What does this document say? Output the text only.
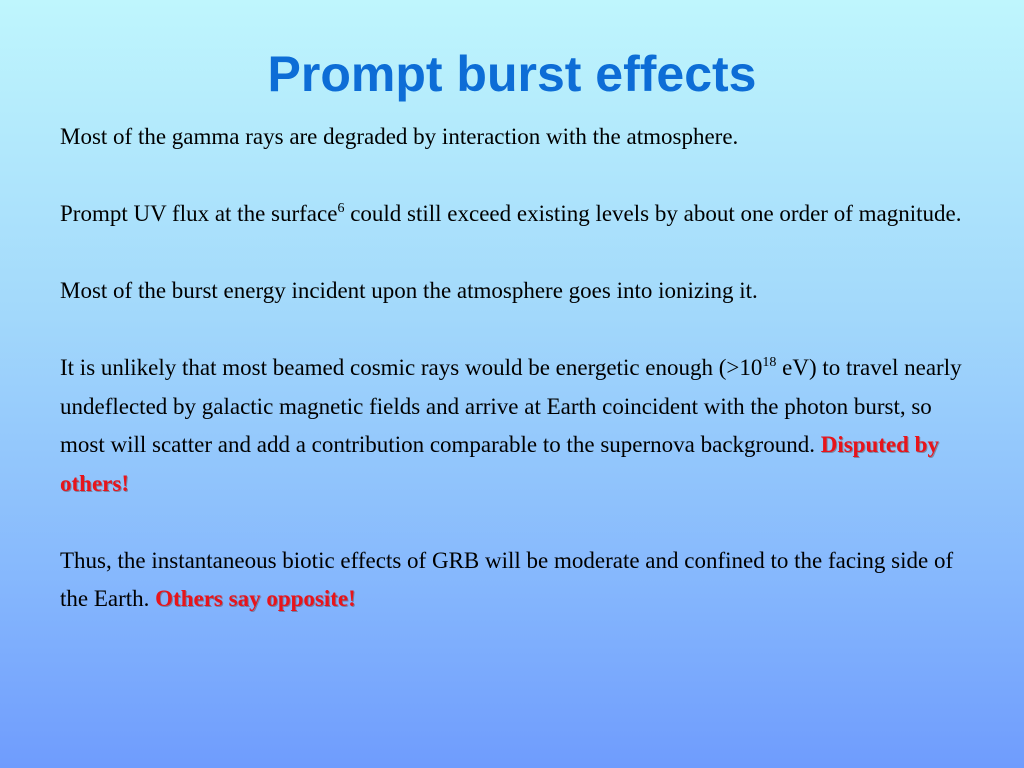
Prompt burst effects

Most of the gamma rays are degraded by interaction with the atmosphere.

Prompt UV flux at the surface$^6$ could still exceed existing levels by about one order of magnitude.

Most of the burst energy incident upon the atmosphere goes into ionizing it.

It is unlikely that most beamed cosmic rays would be energetic enough ($>10^{18}$ eV) to travel nearly undeflected by galactic magnetic fields and arrive at Earth coincident with the photon burst, so most will scatter and add a contribution comparable to the supernova background. Disputed by others!

Thus, the instantaneous biotic effects of GRB will be moderate and confined to the facing side of the Earth. Others say opposite!
